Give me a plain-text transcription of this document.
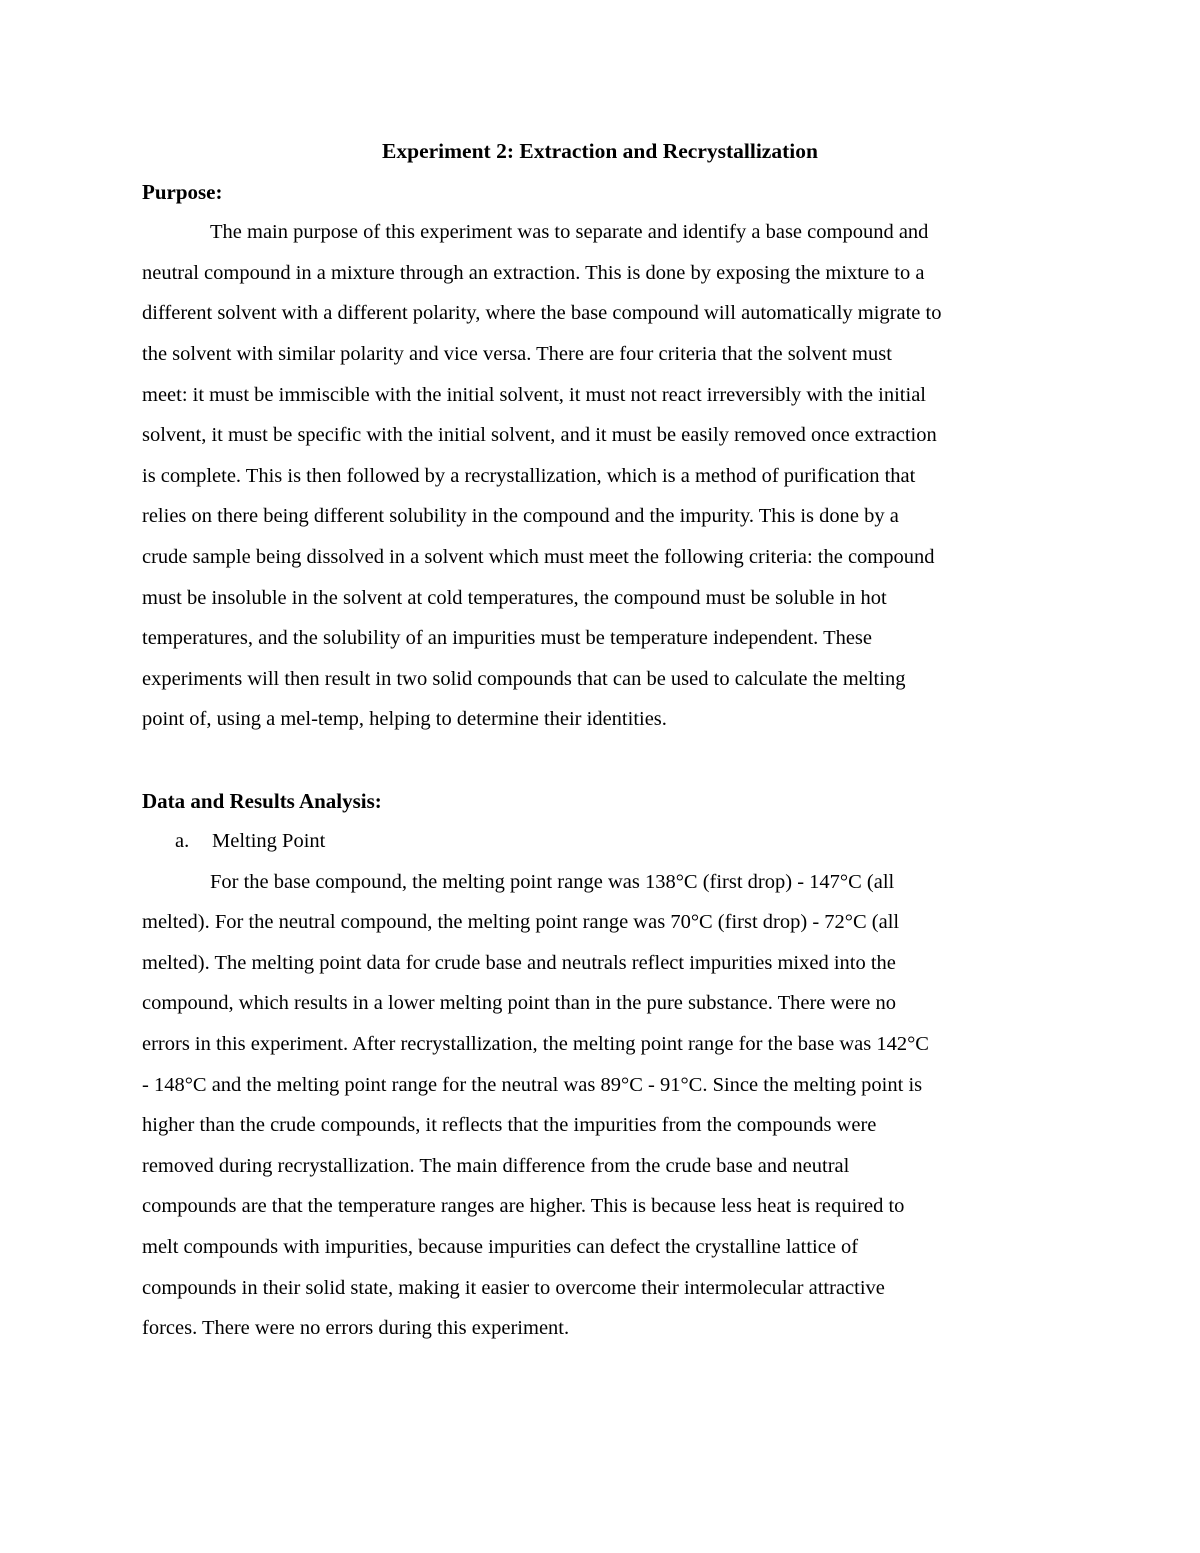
Experiment 2: Extraction and Recrystallization
Purpose:
The main purpose of this experiment was to separate and identify a base compound and
neutral compound in a mixture through an extraction. This is done by exposing the mixture to a
different solvent with a different polarity, where the base compound will automatically migrate to
the solvent with similar polarity and vice versa. There are four criteria that the solvent must
meet: it must be immiscible with the initial solvent, it must not react irreversibly with the initial
solvent, it must be specific with the initial solvent, and it must be easily removed once extraction
is complete. This is then followed by a recrystallization, which is a method of purification that
relies on there being different solubility in the compound and the impurity. This is done by a
crude sample being dissolved in a solvent which must meet the following criteria: the compound
must be insoluble in the solvent at cold temperatures, the compound must be soluble in hot
temperatures, and the solubility of an impurities must be temperature independent. These
experiments will then result in two solid compounds that can be used to calculate the melting
point of, using a mel-temp, helping to determine their identities.
Data and Results Analysis:
a. Melting Point
For the base compound, the melting point range was 138°C (first drop) - 147°C (all
melted). For the neutral compound, the melting point range was 70°C (first drop) - 72°C (all
melted). The melting point data for crude base and neutrals reflect impurities mixed into the
compound, which results in a lower melting point than in the pure substance. There were no
errors in this experiment. After recrystallization, the melting point range for the base was 142°C
- 148°C and the melting point range for the neutral was 89°C - 91°C. Since the melting point is
higher than the crude compounds, it reflects that the impurities from the compounds were
removed during recrystallization. The main difference from the crude base and neutral
compounds are that the temperature ranges are higher. This is because less heat is required to
melt compounds with impurities, because impurities can defect the crystalline lattice of
compounds in their solid state, making it easier to overcome their intermolecular attractive
forces. There were no errors during this experiment.
